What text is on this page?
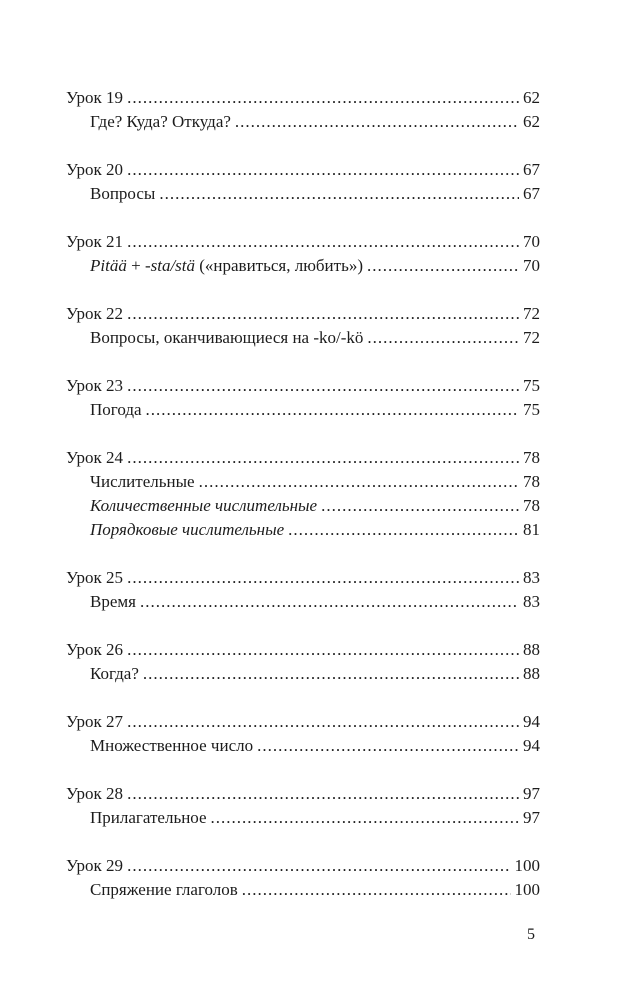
Урок 19 .....	62
Где? Куда? Откуда? .....	62
Урок 20 .....	67
Вопросы .....	67
Урок 21 .....	70
Pitää + -sta/stä («нравиться, любить») .....	70
Урок 22 .....	72
Вопросы, оканчивающиеся на -ko/-kö .....	72
Урок 23 .....	75
Погода .....	75
Урок 24 .....	78
Числительные .....	78
Количественные числительные .....	78
Порядковые числительные .....	81
Урок 25 .....	83
Время .....	83
Урок 26 .....	88
Когда? .....	88
Урок 27 .....	94
Множественное число .....	94
Урок 28 .....	97
Прилагательное .....	97
Урок 29 .....	100
Спряжение глаголов .....	100
5
